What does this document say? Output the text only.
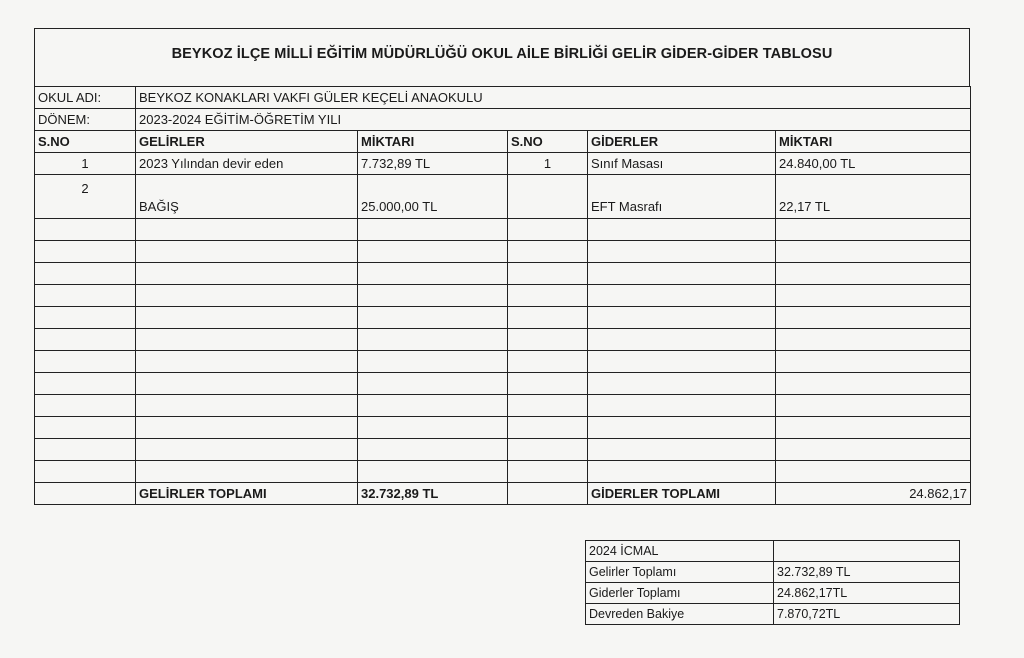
BEYKOZ İLÇE MİLLİ EĞİTİM MÜDÜRLÜĞÜ OKUL AİLE BİRLİĞİ GELİR GİDER-GİDER TABLOSU
OKUL ADI:	BEYKOZ KONAKLARI VAKFI GÜLER KEÇELİ ANAOKULU				
DÖNEM:	2023-2024 EĞİTİM-ÖĞRETİM YILI				
S.NO	GELİRLER	MİKTARI	S.NO	GİDERLER	MİKTARI
1	2023 Yılından devir eden	7.732,89 TL	1	Sınıf Masası	24.840,00 TL
2	BAĞIŞ	25.000,00 TL		EFT Masrafı	22,17 TL

	GELİRLER TOPLAMI	32.732,89 TL		GİDERLER TOPLAMI	24.862,17
2024 İCMAL	
Gelirler Toplamı	32.732,89 TL
Giderler Toplamı	24.862,17TL
Devreden Bakiye	7.870,72TL
